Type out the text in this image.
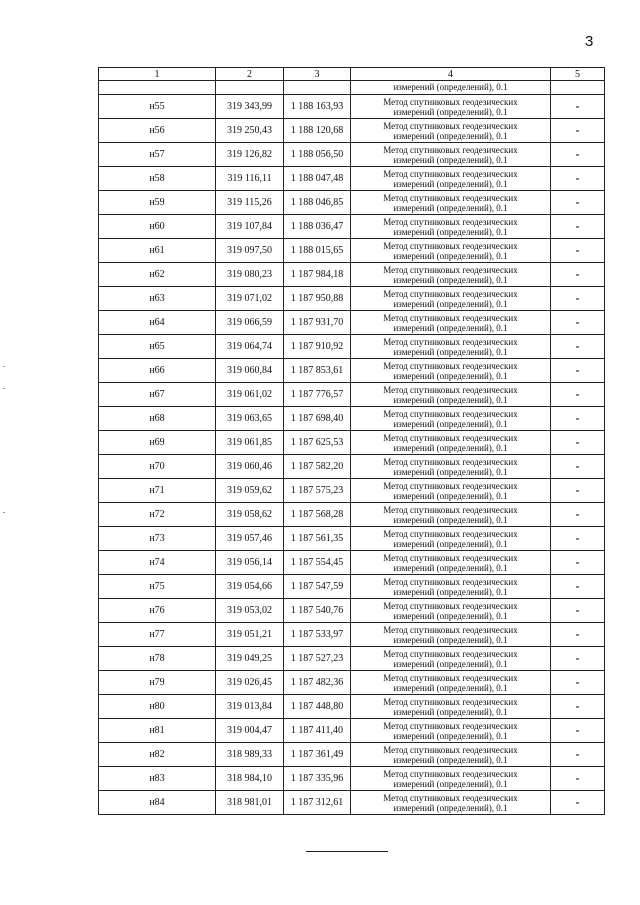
3
1	2	3	4	5
			измерений (определений), 0.1	
н55	319 343,99	1 188 163,93	Метод спутниковых геодезических
измерений (определений), 0.1	-
н56	319 250,43	1 188 120,68	Метод спутниковых геодезических
измерений (определений), 0.1	-
н57	319 126,82	1 188 056,50	Метод спутниковых геодезических
измерений (определений), 0.1	-
н58	319 116,11	1 188 047,48	Метод спутниковых геодезических
измерений (определений), 0.1	-
н59	319 115,26	1 188 046,85	Метод спутниковых геодезических
измерений (определений), 0.1	-
н60	319 107,84	1 188 036,47	Метод спутниковых геодезических
измерений (определений), 0.1	-
н61	319 097,50	1 188 015,65	Метод спутниковых геодезических
измерений (определений), 0.1	-
н62	319 080,23	1 187 984,18	Метод спутниковых геодезических
измерений (определений), 0.1	-
н63	319 071,02	1 187 950,88	Метод спутниковых геодезических
измерений (определений), 0.1	-
н64	319 066,59	1 187 931,70	Метод спутниковых геодезических
измерений (определений), 0.1	-
н65	319 064,74	1 187 910,92	Метод спутниковых геодезических
измерений (определений), 0.1	-
н66	319 060,84	1 187 853,61	Метод спутниковых геодезических
измерений (определений), 0.1	-
н67	319 061,02	1 187 776,57	Метод спутниковых геодезических
измерений (определений), 0.1	-
н68	319 063,65	1 187 698,40	Метод спутниковых геодезических
измерений (определений), 0.1	-
н69	319 061,85	1 187 625,53	Метод спутниковых геодезических
измерений (определений), 0.1	-
н70	319 060,46	1 187 582,20	Метод спутниковых геодезических
измерений (определений), 0.1	-
н71	319 059,62	1 187 575,23	Метод спутниковых геодезических
измерений (определений), 0.1	-
н72	319 058,62	1 187 568,28	Метод спутниковых геодезических
измерений (определений), 0.1	-
н73	319 057,46	1 187 561,35	Метод спутниковых геодезических
измерений (определений), 0.1	-
н74	319 056,14	1 187 554,45	Метод спутниковых геодезических
измерений (определений), 0.1	-
н75	319 054,66	1 187 547,59	Метод спутниковых геодезических
измерений (определений), 0.1	-
н76	319 053,02	1 187 540,76	Метод спутниковых геодезических
измерений (определений), 0.1	-
н77	319 051,21	1 187 533,97	Метод спутниковых геодезических
измерений (определений), 0.1	-
н78	319 049,25	1 187 527,23	Метод спутниковых геодезических
измерений (определений), 0.1	-
н79	319 026,45	1 187 482,36	Метод спутниковых геодезических
измерений (определений), 0.1	-
н80	319 013,84	1 187 448,80	Метод спутниковых геодезических
измерений (определений), 0.1	-
н81	319 004,47	1 187 411,40	Метод спутниковых геодезических
измерений (определений), 0.1	-
н82	318 989,33	1 187 361,49	Метод спутниковых геодезических
измерений (определений), 0.1	-
н83	318 984,10	1 187 335,96	Метод спутниковых геодезических
измерений (определений), 0.1	-
н84	318 981,01	1 187 312,61	Метод спутниковых геодезических
измерений (определений), 0.1	-
